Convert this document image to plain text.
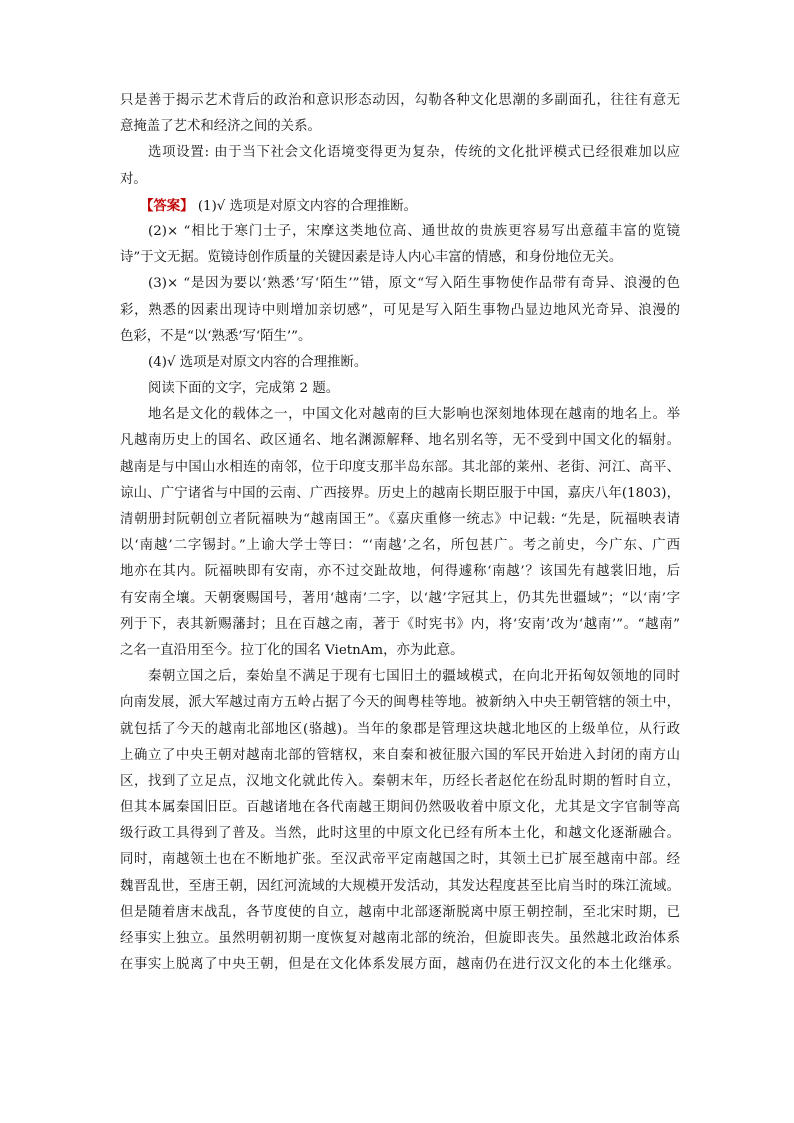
只是善于揭示艺术背后的政治和意识形态动因，勾勒各种文化思潮的多副面孔，往往有意无
意掩盖了艺术和经济之间的关系。
选项设置: 由于当下社会文化语境变得更为复杂，传统的文化批评模式已经很难加以应
对。
【答案】 (1)√ 选项是对原文内容的合理推断。
(2)× “相比于寒门士子，宋摩这类地位高、通世故的贵族更容易写出意蕴丰富的览镜
诗”于文无据。览镜诗创作质量的关键因素是诗人内心丰富的情感，和身份地位无关。
(3)× “是因为要以‘熟悉’写‘陌生’”错，原文“写入陌生事物使作品带有奇异、浪漫的色
彩，熟悉的因素出现诗中则增加亲切感”，可见是写入陌生事物凸显边地风光奇异、浪漫的
色彩，不是“以‘熟悉’写‘陌生’”。
(4)√ 选项是对原文内容的合理推断。
阅读下面的文字，完成第 2 题。
地名是文化的载体之一，中国文化对越南的巨大影响也深刻地体现在越南的地名上。举
凡越南历史上的国名、政区通名、地名渊源解释、地名别名等，无不受到中国文化的辐射。
越南是与中国山水相连的南邻，位于印度支那半岛东部。其北部的莱州、老街、河江、高平、
谅山、广宁诸省与中国的云南、广西接界。历史上的越南长期臣服于中国，嘉庆八年(1803)，
清朝册封阮朝创立者阮福映为“越南国王”。《嘉庆重修一统志》中记载: “先是，阮福映表请
以‘南越’二字锡封。”上谕大学士等曰：“‘南越’之名，所包甚广。考之前史，今广东、广西
地亦在其内。阮福映即有安南，亦不过交趾故地，何得遽称‘南越’？该国先有越裳旧地，后
有安南全壤。天朝褒赐国号，著用‘越南’二字，以‘越’字冠其上，仍其先世疆域”；“以‘南’字
列于下，表其新赐藩封；且在百越之南，著于《时宪书》内，将‘安南’改为‘越南’”。“越南”
之名一直沿用至今。拉丁化的国名 VietnAm，亦为此意。
秦朝立国之后，秦始皇不满足于现有七国旧土的疆域模式，在向北开拓匈奴领地的同时
向南发展，派大军越过南方五岭占据了今天的闽粤桂等地。被新纳入中央王朝管辖的领土中，
就包括了今天的越南北部地区(骆越)。当年的象郡是管理这块越北地区的上级单位，从行政
上确立了中央王朝对越南北部的管辖权，来自秦和被征服六国的军民开始进入封闭的南方山
区，找到了立足点，汉地文化就此传入。秦朝末年，历经长者赵佗在纷乱时期的暂时自立，
但其本属秦国旧臣。百越诸地在各代南越王期间仍然吸收着中原文化，尤其是文字官制等高
级行政工具得到了普及。当然，此时这里的中原文化已经有所本土化，和越文化逐渐融合。
同时，南越领土也在不断地扩张。至汉武帝平定南越国之时，其领土已扩展至越南中部。经
魏晋乱世，至唐王朝，因红河流域的大规模开发活动，其发达程度甚至比肩当时的珠江流域。
但是随着唐末战乱，各节度使的自立，越南中北部逐渐脱离中原王朝控制，至北宋时期，已
经事实上独立。虽然明朝初期一度恢复对越南北部的统治，但旋即丧失。虽然越北政治体系
在事实上脱离了中央王朝，但是在文化体系发展方面，越南仍在进行汉文化的本土化继承。
